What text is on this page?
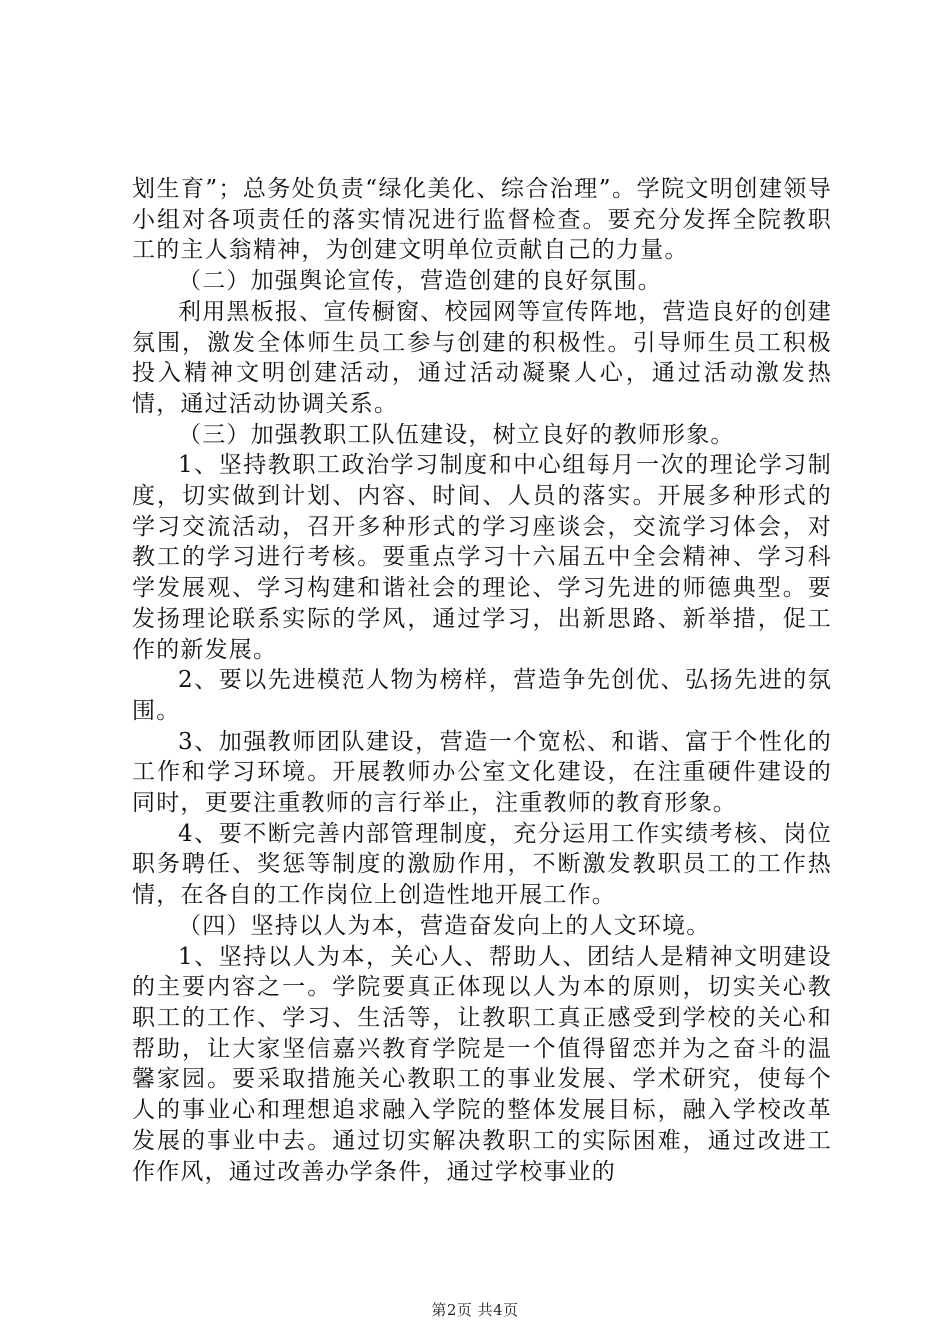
划生育”；总务处负责“绿化美化、综合治理”。学院文明创建领导小组对各项责任的落实情况进行监督检查。要充分发挥全院教职工的主人翁精神，为创建文明单位贡献自己的力量。

（二）加强舆论宣传，营造创建的良好氛围。

利用黑板报、宣传橱窗、校园网等宣传阵地，营造良好的创建氛围，激发全体师生员工参与创建的积极性。引导师生员工积极投入精神文明创建活动，通过活动凝聚人心，通过活动激发热情，通过活动协调关系。

（三）加强教职工队伍建设，树立良好的教师形象。

1、坚持教职工政治学习制度和中心组每月一次的理论学习制度，切实做到计划、内容、时间、人员的落实。开展多种形式的学习交流活动，召开多种形式的学习座谈会，交流学习体会，对教工的学习进行考核。要重点学习十六届五中全会精神、学习科学发展观、学习构建和谐社会的理论、学习先进的师德典型。要发扬理论联系实际的学风，通过学习，出新思路、新举措，促工作的新发展。

2、要以先进模范人物为榜样，营造争先创优、弘扬先进的氛围。

3、加强教师团队建设，营造一个宽松、和谐、富于个性化的工作和学习环境。开展教师办公室文化建设，在注重硬件建设的同时，更要注重教师的言行举止，注重教师的教育形象。

4、要不断完善内部管理制度，充分运用工作实绩考核、岗位职务聘任、奖惩等制度的激励作用，不断激发教职员工的工作热情，在各自的工作岗位上创造性地开展工作。

（四）坚持以人为本，营造奋发向上的人文环境。

1、坚持以人为本，关心人、帮助人、团结人是精神文明建设的主要内容之一。学院要真正体现以人为本的原则，切实关心教职工的工作、学习、生活等，让教职工真正感受到学校的关心和帮助，让大家坚信嘉兴教育学院是一个值得留恋并为之奋斗的温馨家园。要采取措施关心教职工的事业发展、学术研究，使每个人的事业心和理想追求融入学院的整体发展目标，融入学校改革发展的事业中去。通过切实解决教职工的实际困难，通过改进工作作风，通过改善办学条件，通过学校事业的

第2页 共4页
